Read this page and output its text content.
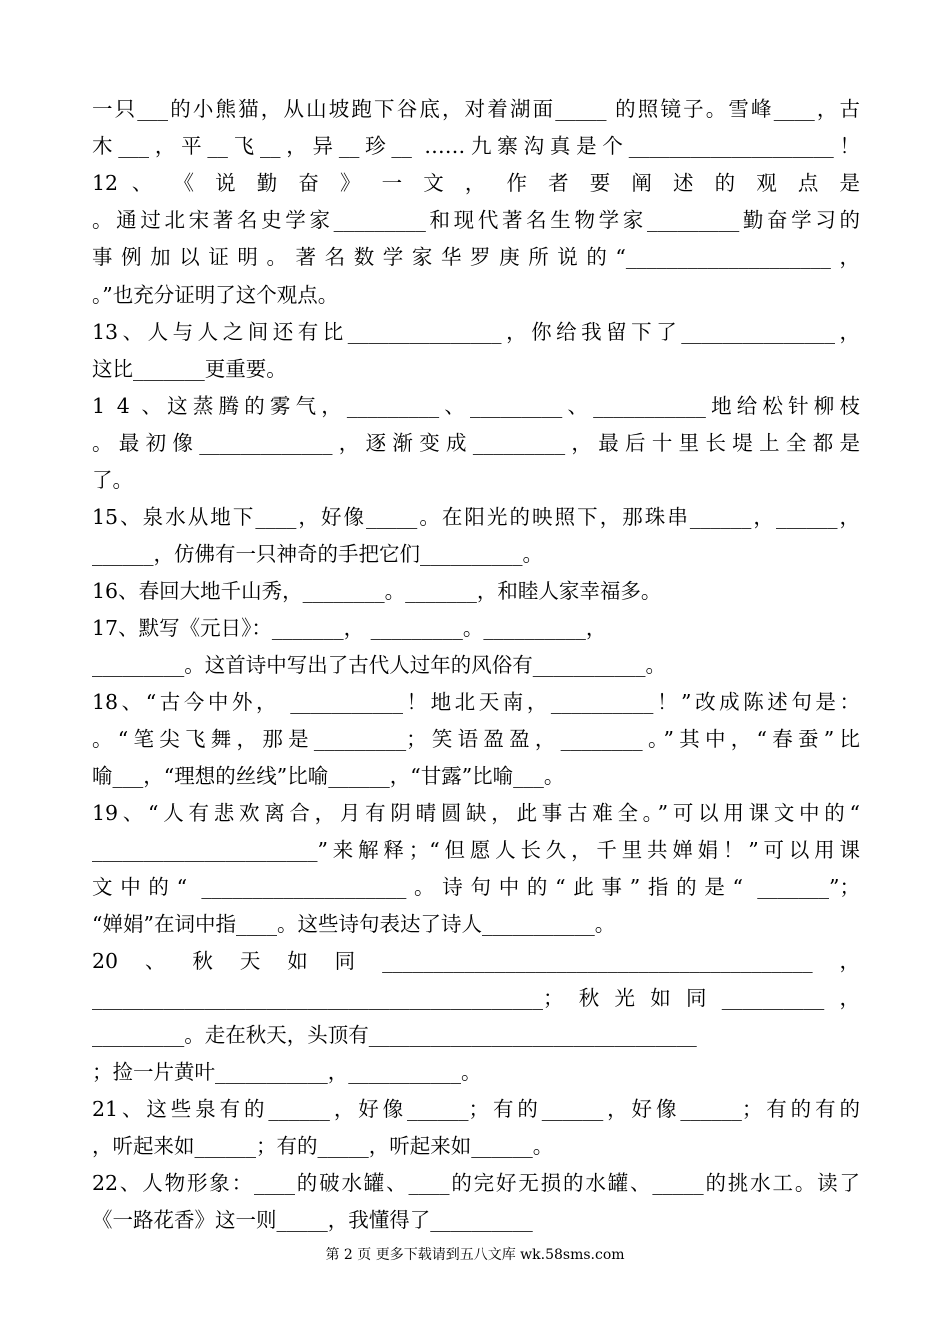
一只___的小熊猫，从山坡跑下谷底，对着湖面_____ 的照镜子。雪峰____，古
木___，平__飞__，异__珍__ ……九寨沟真是个____________________！
12 、 《 说 勤 奋 》 一 文 ， 作 者 要 阐 述 的 观 点 是
。通过北宋著名史学家_________和现代著名生物学家_________勤奋学习的
事例加以证明。著名数学家华罗庚所说的“____________________，
。”也充分证明了这个观点。
13、人与人之间还有比_______________，你给我留下了_______________，
这比_______更重要。
1 4 、这蒸腾的雾气，_________、_________、___________地给松针柳枝
。最初像_____________，逐渐变成_________，最后十里长堤上全都是
了。
15、泉水从地下____，好像_____。在阳光的映照下，那珠串______，______，
______，仿佛有一只神奇的手把它们__________。
16、春回大地千山秀，________。_______，和睦人家幸福多。
17、默写《元日》：_______， _________。__________，
_________。这首诗中写出了古代人过年的风俗有___________。
18、“古今中外， ___________！地北天南，__________！”改成陈述句是：
。“笔尖飞舞，那是_________；笑语盈盈，________。”其中，“春蚕”比
喻___，“理想的丝线”比喻______，“甘露”比喻___。
19、“人有悲欢离合，月有阴晴圆缺，此事古难全。”可以用课文中的“
______________________”来解释；“但愿人长久，千里共婵娟！”可以用课
文中的“ ____________________。诗句中的“此事”指的是“ _______”；
“婵娟”在词中指____。这些诗句表达了诗人___________。
20、秋天如同__________________________________________，
____________________________________________；秋光如同__________，
_________。走在秋天，头顶有________________________________
；捡一片黄叶___________，___________。
21、这些泉有的______，好像______；有的______，好像______；有的有的
，听起来如______；有的_____，听起来如______。
22、人物形象：____的破水罐、____的完好无损的水罐、_____的挑水工。读了
《一路花香》这一则_____，我懂得了__________
第 2 页 更多下载请到五八文库 wk.58sms.com
